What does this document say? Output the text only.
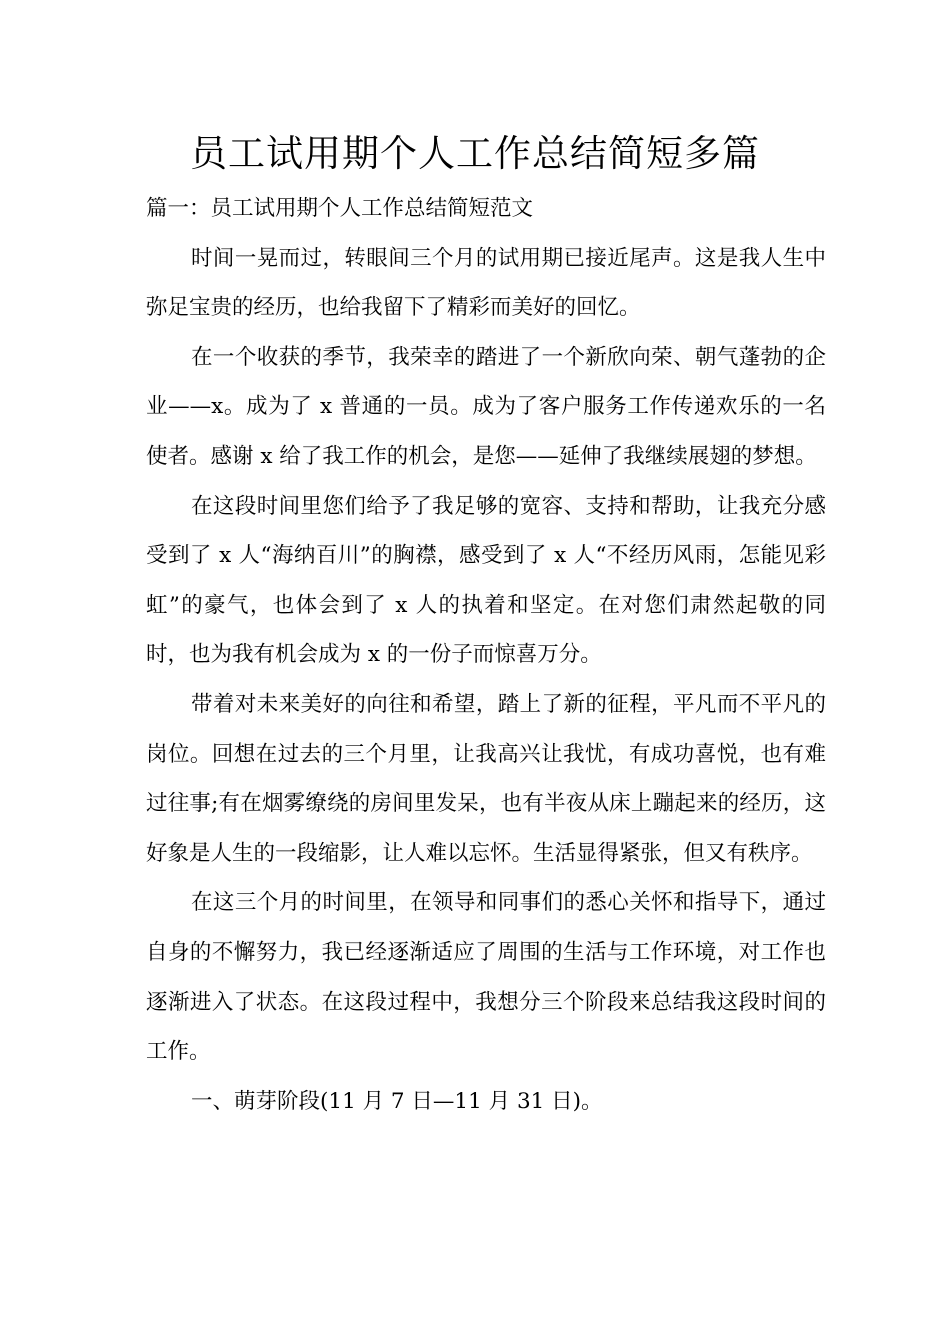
员工试用期个人工作总结简短多篇

篇一：员工试用期个人工作总结简短范文

时间一晃而过，转眼间三个月的试用期已接近尾声。这是我人生中弥足宝贵的经历，也给我留下了精彩而美好的回忆。

在一个收获的季节，我荣幸的踏进了一个新欣向荣、朝气蓬勃的企业——x。成为了 x 普通的一员。成为了客户服务工作传递欢乐的一名使者。感谢 x 给了我工作的机会，是您——延伸了我继续展翅的梦想。

在这段时间里您们给予了我足够的宽容、支持和帮助，让我充分感受到了 x 人“海纳百川”的胸襟，感受到了 x 人“不经历风雨，怎能见彩虹”的豪气，也体会到了 x 人的执着和坚定。在对您们肃然起敬的同时，也为我有机会成为 x 的一份子而惊喜万分。

带着对未来美好的向往和希望，踏上了新的征程，平凡而不平凡的岗位。回想在过去的三个月里，让我高兴让我忧，有成功喜悦，也有难过往事;有在烟雾缭绕的房间里发呆，也有半夜从床上蹦起来的经历，这好象是人生的一段缩影，让人难以忘怀。生活显得紧张，但又有秩序。

在这三个月的时间里，在领导和同事们的悉心关怀和指导下，通过自身的不懈努力，我已经逐渐适应了周围的生活与工作环境，对工作也逐渐进入了状态。在这段过程中，我想分三个阶段来总结我这段时间的工作。

一、萌芽阶段(11 月 7 日—11 月 31 日)。
